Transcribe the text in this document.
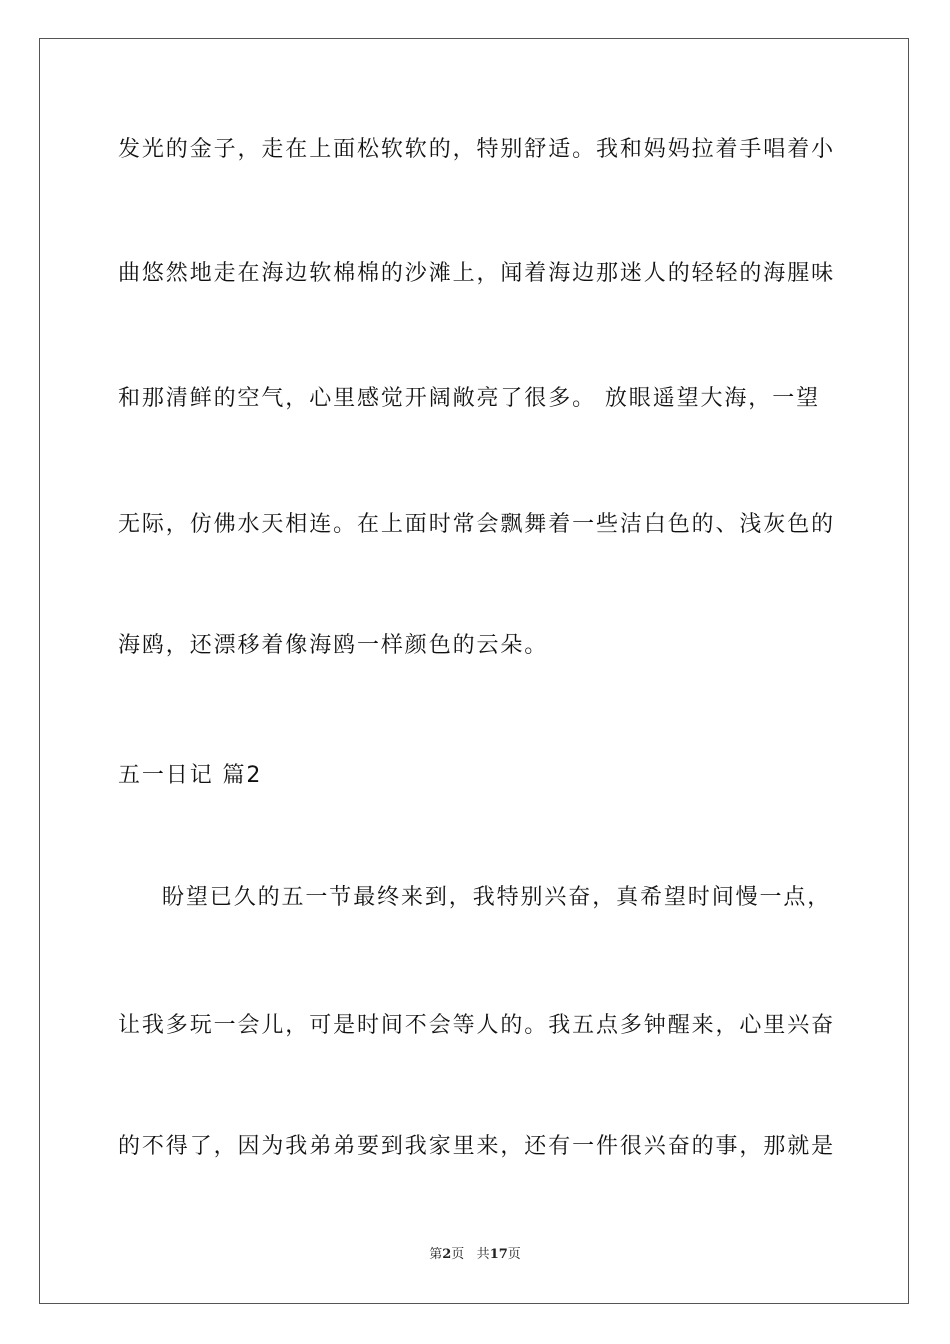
发光的金子，走在上面松软软的，特别舒适。我和妈妈拉着手唱着小
曲悠然地走在海边软棉棉的沙滩上，闻着海边那迷人的轻轻的海腥味
和那清鲜的空气，心里感觉开阔敞亮了很多。 放眼遥望大海，一望
无际，仿佛水天相连。在上面时常会飘舞着一些洁白色的、浅灰色的
海鸥，还漂移着像海鸥一样颜色的云朵。
五一日记 篇2
盼望已久的五一节最终来到，我特别兴奋，真希望时间慢一点，
让我多玩一会儿，可是时间不会等人的。我五点多钟醒来，心里兴奋
的不得了，因为我弟弟要到我家里来，还有一件很兴奋的事，那就是
第2页 共17页
